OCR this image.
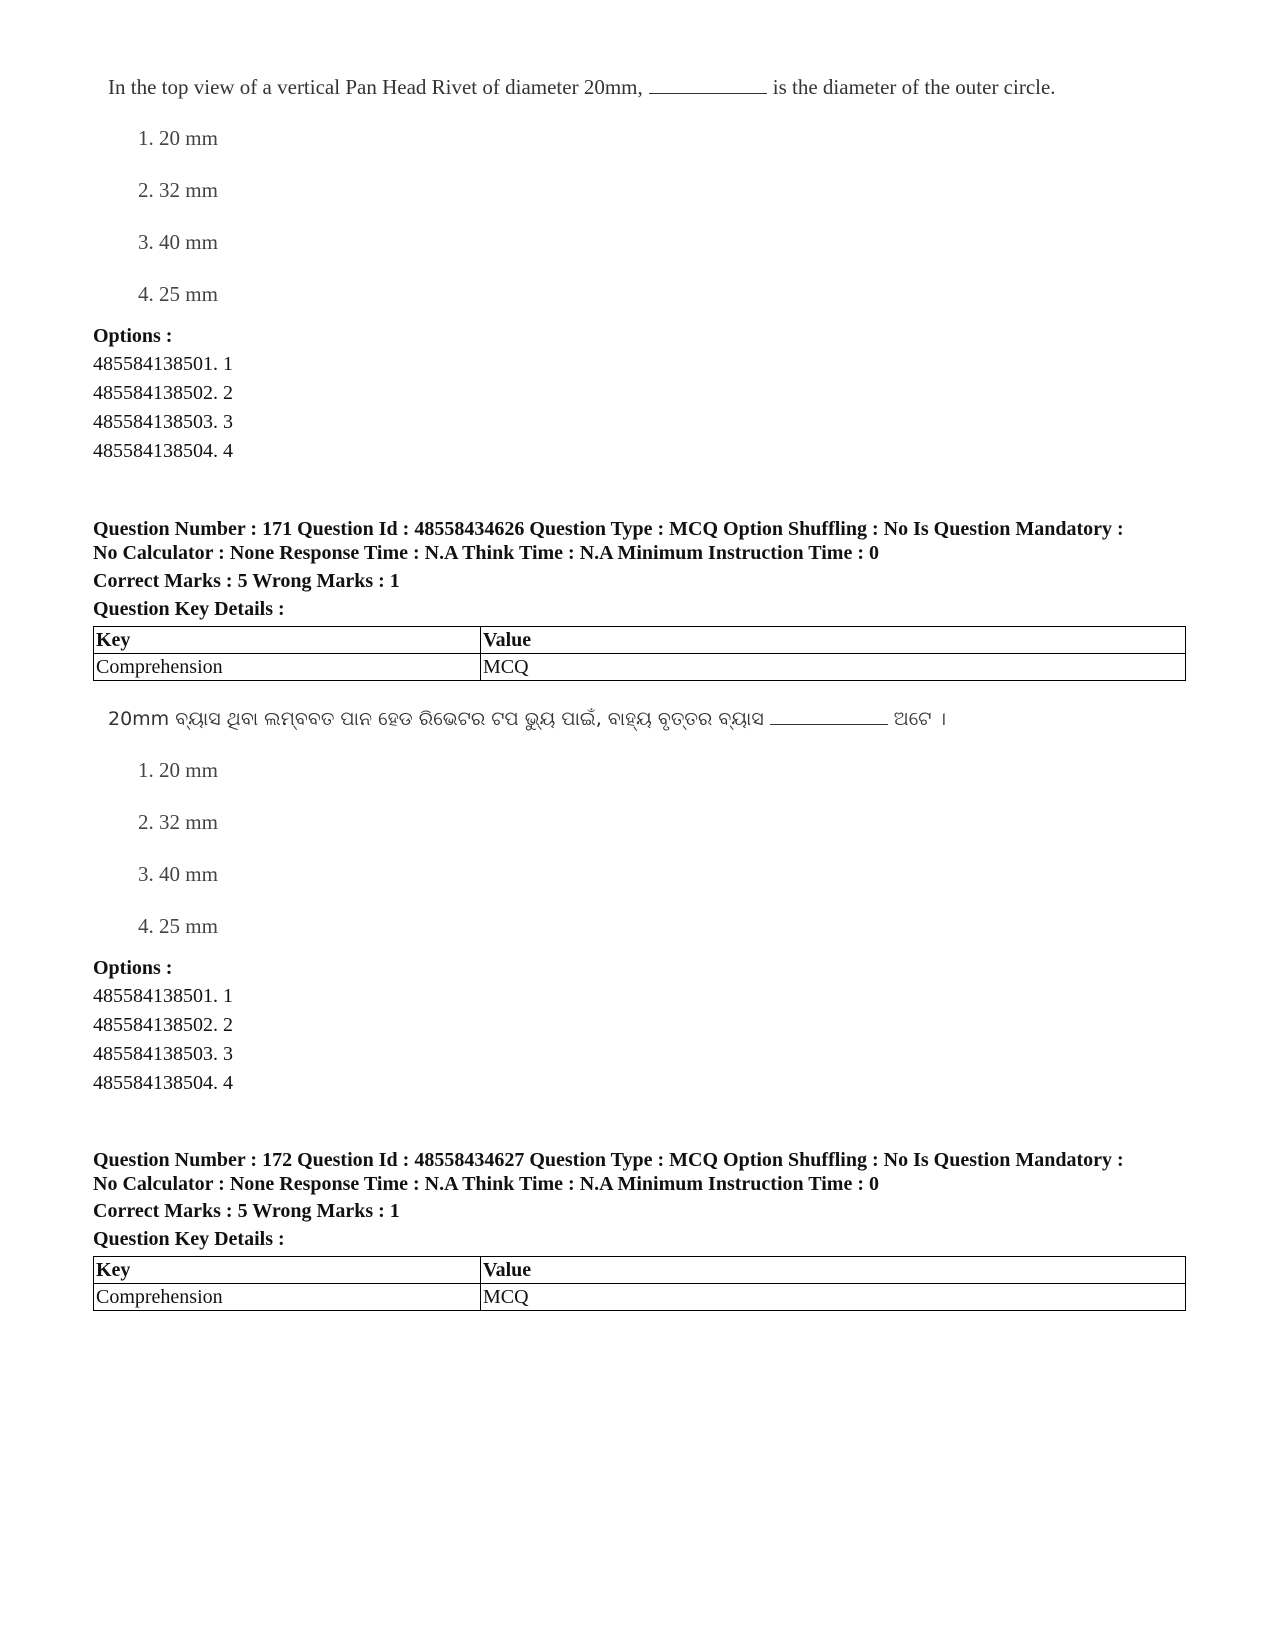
In the top view of a vertical Pan Head Rivet of diameter 20mm,	is the diameter of the outer circle.
1. 20 mm
2. 32 mm
3. 40 mm
4. 25 mm
Options :
485584138501. 1
485584138502. 2
485584138503. 3
485584138504. 4
Question Number : 171 Question Id : 48558434626 Question Type : MCQ Option Shuffling : No Is Question Mandatory :
No Calculator : None Response Time : N.A Think Time : N.A Minimum Instruction Time : 0
Correct Marks : 5 Wrong Marks : 1
Question Key Details :
Key	Value
Comprehension	MCQ
20mm ବ୍ୟାସ ଥିବା ଲମ୍ବବତ ପାନ ହେଡ ରିଭେଟର ଟପ ଭ୍ୟୁ ପାଇଁ, ବାହ୍ୟ ବୃତ୍ତର ବ୍ୟାସ	ଅଟେ ।
1. 20 mm
2. 32 mm
3. 40 mm
4. 25 mm
Options :
485584138501. 1
485584138502. 2
485584138503. 3
485584138504. 4
Question Number : 172 Question Id : 48558434627 Question Type : MCQ Option Shuffling : No Is Question Mandatory :
No Calculator : None Response Time : N.A Think Time : N.A Minimum Instruction Time : 0
Correct Marks : 5 Wrong Marks : 1
Question Key Details :
Key	Value
Comprehension	MCQ
